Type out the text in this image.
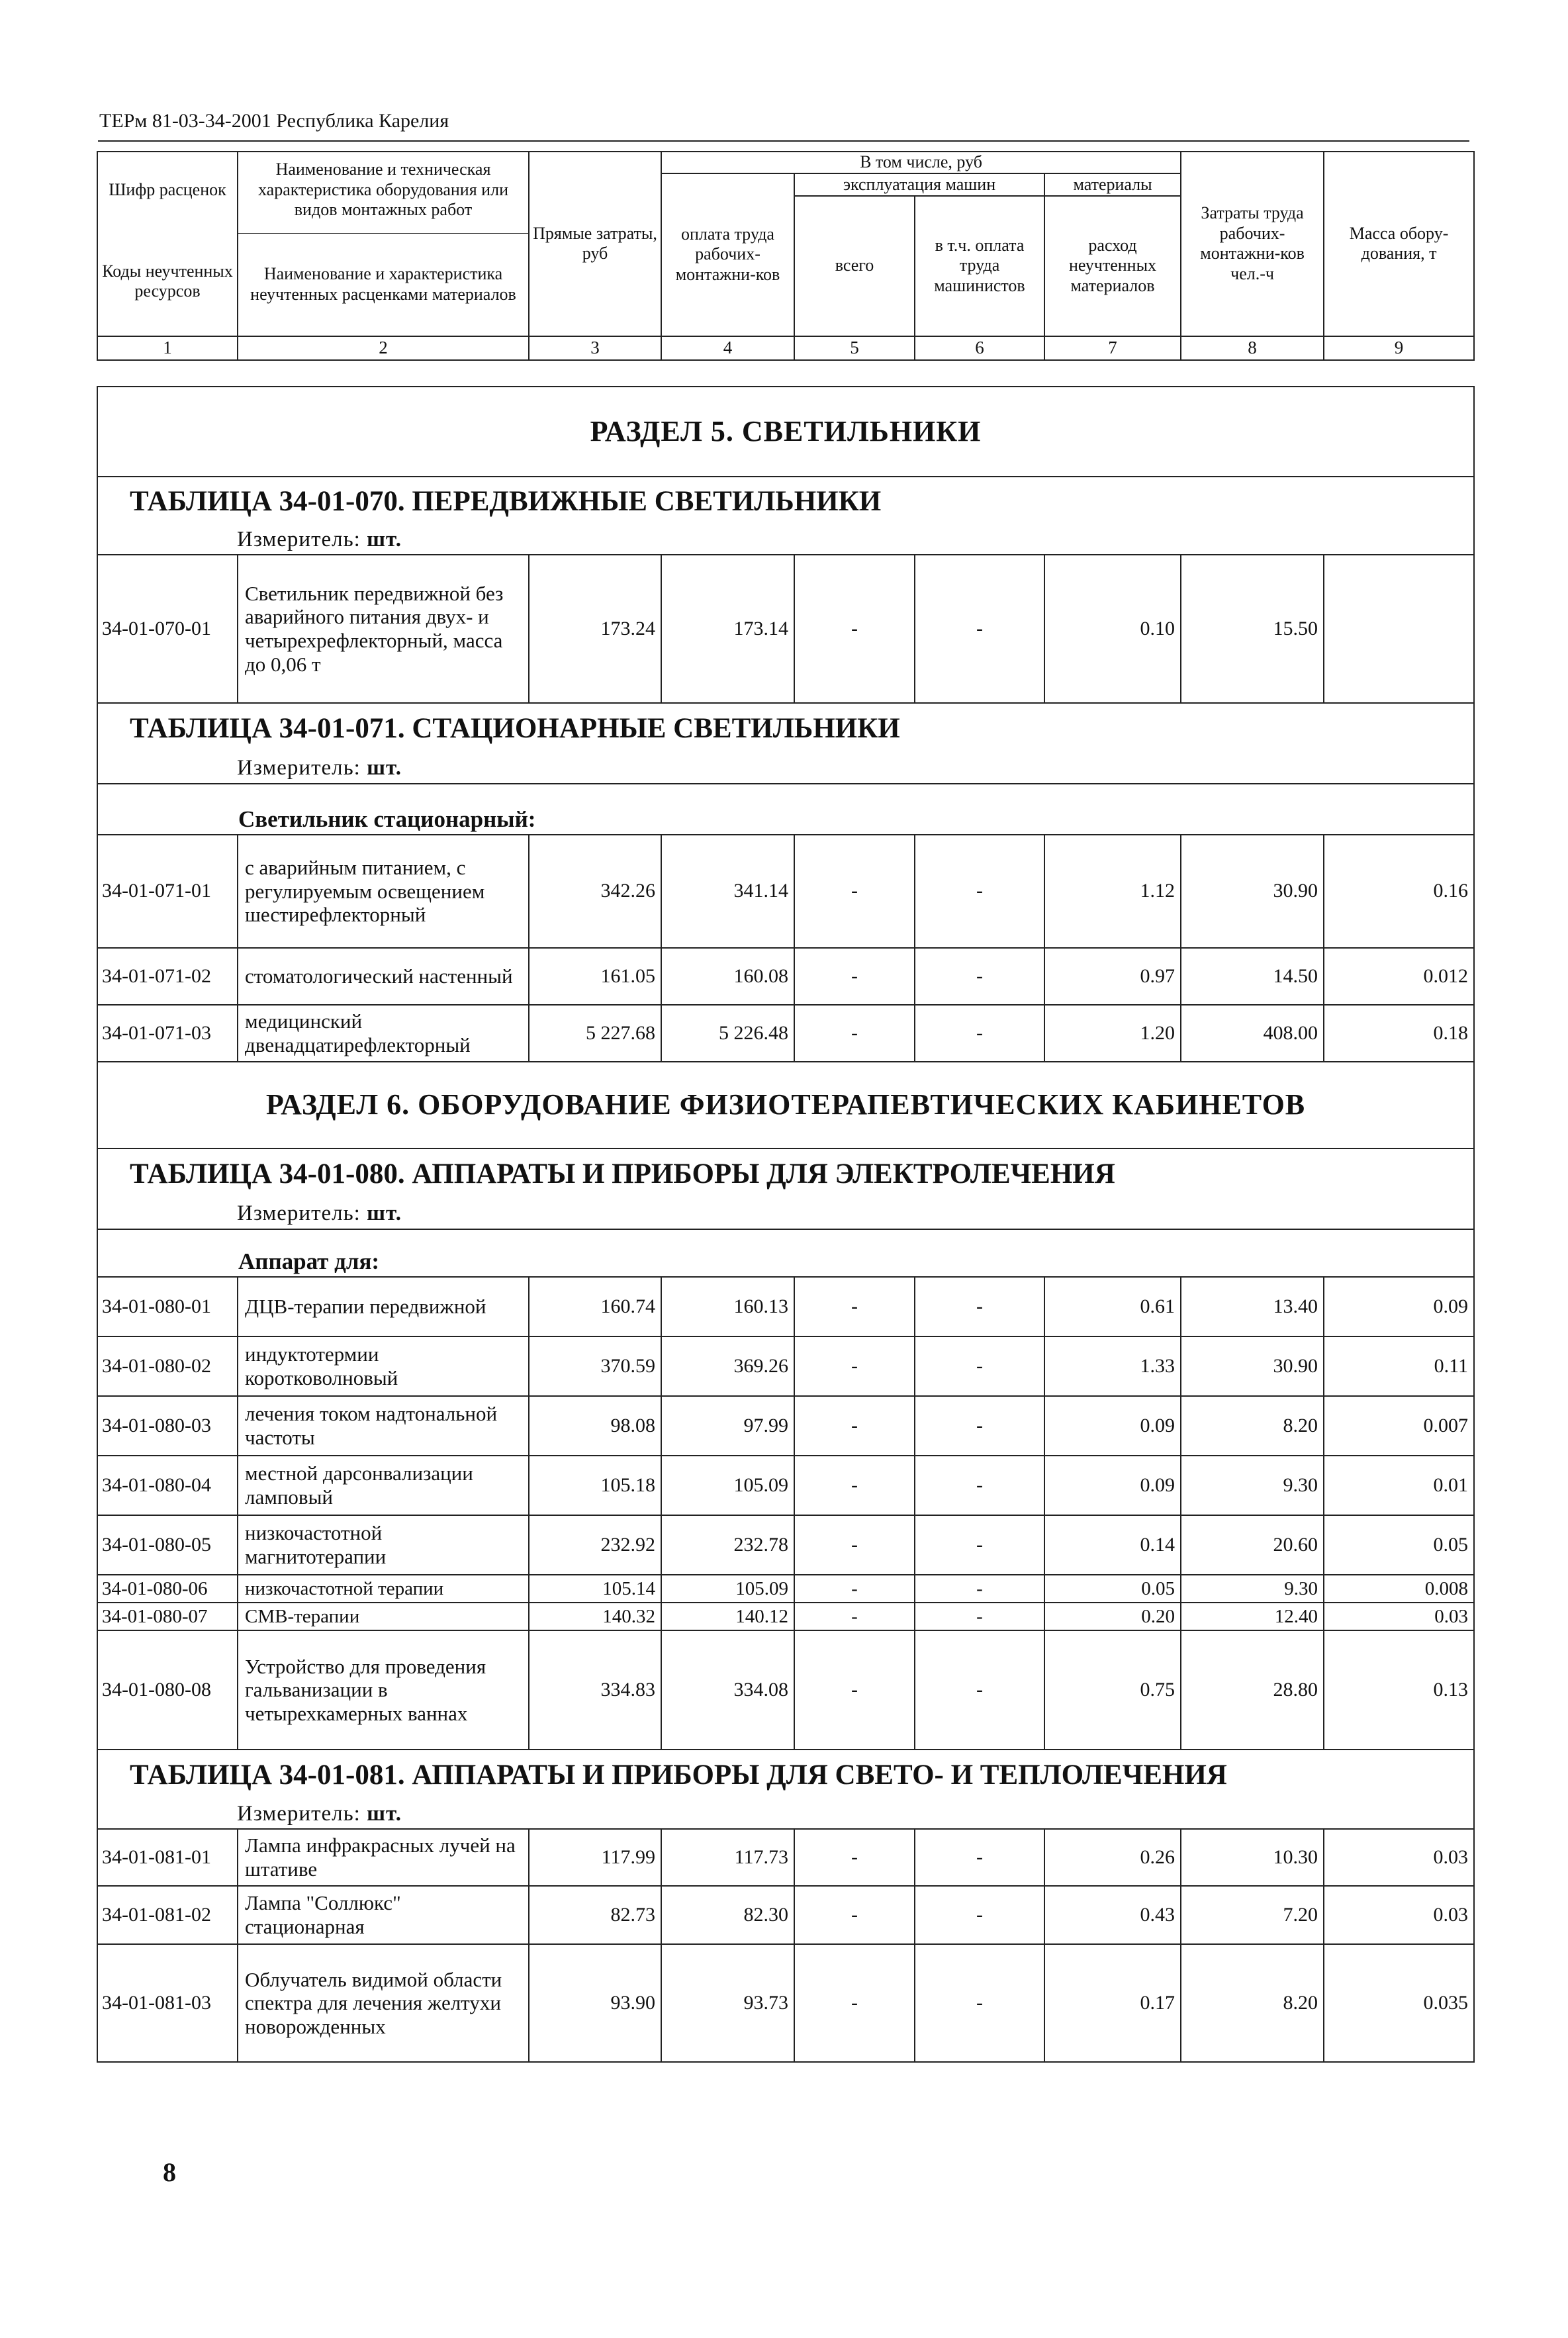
ТЕРм 81-03-34-2001 Республика Карелия
Шифр расценок	Наименование и техническая характеристика оборудования или видов монтажных работ	Прямые затраты, руб	В том числе, руб				Затраты труда рабочих-монтажни-ков чел.-ч	Масса обору-дования, т
			оплата труда рабочих-монтажни-ков	эксплуатация машин		материалы		
				всего	в т.ч. оплата труда машинистов	расход неучтенных материалов		
Коды неучтенных ресурсов								
	Наименование и характеристика неучтенных расценками материалов							
1	2	3	4	5	6	7	8	9
РАЗДЕЛ 5. СВЕТИЛЬНИКИ								
ТАБЛИЦА 34-01-070. ПЕРЕДВИЖНЫЕ СВЕТИЛЬНИКИ								
Измеритель: шт.								
34-01-070-01	Светильник передвижной без аварийного питания двух- и четырехрефлекторный, масса до 0,06 т	173.24	173.14	-	-	0.10	15.50	
ТАБЛИЦА 34-01-071. СТАЦИОНАРНЫЕ СВЕТИЛЬНИКИ								
Измеритель: шт.								
Светильник стационарный:								
34-01-071-01	с аварийным питанием, с регулируемым освещением шестирефлекторный	342.26	341.14	-	-	1.12	30.90	0.16
34-01-071-02	стоматологический настенный	161.05	160.08	-	-	0.97	14.50	0.012
34-01-071-03	медицинский двенадцатирефлекторный	5 227.68	5 226.48	-	-	1.20	408.00	0.18
РАЗДЕЛ 6. ОБОРУДОВАНИЕ ФИЗИОТЕРАПЕВТИЧЕСКИХ КАБИНЕТОВ								
ТАБЛИЦА 34-01-080. АППАРАТЫ И ПРИБОРЫ ДЛЯ ЭЛЕКТРОЛЕЧЕНИЯ								
Измеритель: шт.								
Аппарат для:								
34-01-080-01	ДЦВ-терапии передвижной	160.74	160.13	-	-	0.61	13.40	0.09
34-01-080-02	индуктотермии коротковолновый	370.59	369.26	-	-	1.33	30.90	0.11
34-01-080-03	лечения током надтональной частоты	98.08	97.99	-	-	0.09	8.20	0.007
34-01-080-04	местной дарсонвализации ламповый	105.18	105.09	-	-	0.09	9.30	0.01
34-01-080-05	низкочастотной магнитотерапии	232.92	232.78	-	-	0.14	20.60	0.05
34-01-080-06	низкочастотной терапии	105.14	105.09	-	-	0.05	9.30	0.008
34-01-080-07	СМВ-терапии	140.32	140.12	-	-	0.20	12.40	0.03
34-01-080-08	Устройство для проведения гальванизации в четырехкамерных ваннах	334.83	334.08	-	-	0.75	28.80	0.13
ТАБЛИЦА 34-01-081. АППАРАТЫ И ПРИБОРЫ ДЛЯ СВЕТО- И ТЕПЛОЛЕЧЕНИЯ								
Измеритель: шт.								
34-01-081-01	Лампа инфракрасных лучей на штативе	117.99	117.73	-	-	0.26	10.30	0.03
34-01-081-02	Лампа "Соллюкс" стационарная	82.73	82.30	-	-	0.43	7.20	0.03
34-01-081-03	Облучатель видимой области спектра для лечения желтухи новорожденных	93.90	93.73	-	-	0.17	8.20	0.035
8
